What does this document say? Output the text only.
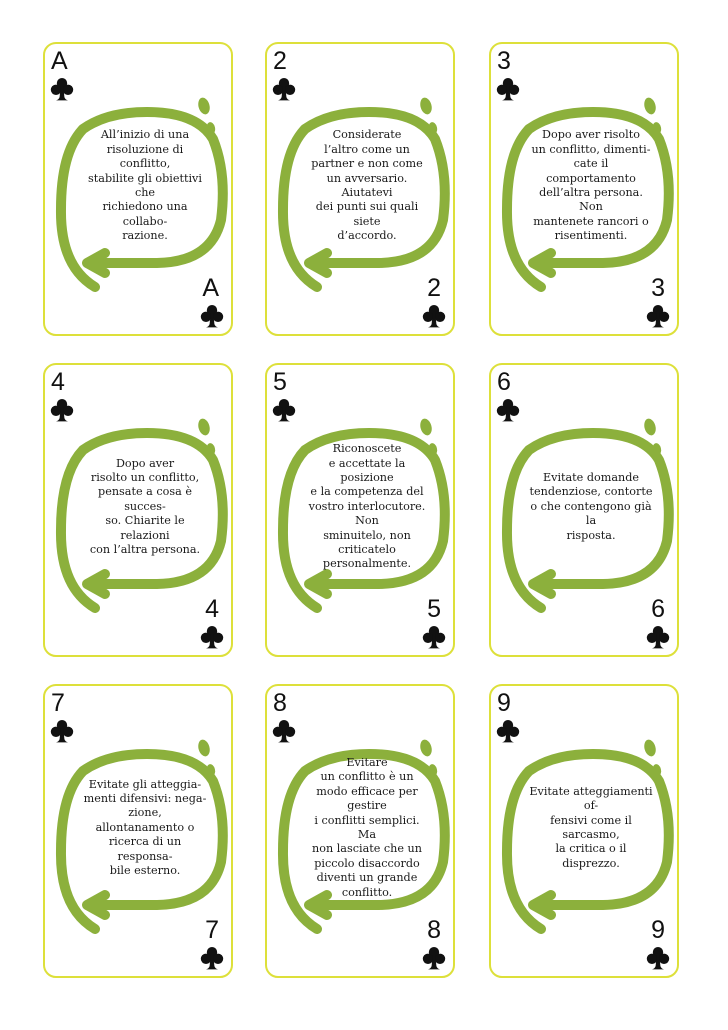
A
All’inizio di una
risoluzione di conflitto,
stabilite gli obiettivi che
richiedono una collabo-
razione.
A
2
Considerate
l’altro come un
partner e non come
un avversario. Aiutatevi
dei punti sui quali siete
d’accordo.
2
3
Dopo aver risolto
un conflitto, dimenti-
cate il comportamento
dell’altra persona. Non
mantenete rancori o
risentimenti.
3
4
Dopo aver
risolto un conflitto,
pensate a cosa è succes-
so. Chiarite le relazioni
con l’altra persona.
4
5
Riconoscete
e accettate la posizione
e la competenza del
vostro interlocutore. Non
sminuitelo, non
criticatelo
personalmente.
5
6
Evitate domande
tendenziose, contorte
o che contengono già la
risposta.
6
7
Evitate gli atteggia-
menti difensivi: nega-
zione, allontanamento o
ricerca di un responsa-
bile esterno.
7
8
Evitare
un conflitto è un
modo efficace per gestire
i conflitti semplici. Ma
non lasciate che un
piccolo disaccordo
diventi un grande
conflitto.
8
9
Evitate atteggiamenti of-
fensivi come il sarcasmo,
la critica o il disprezzo.
9
